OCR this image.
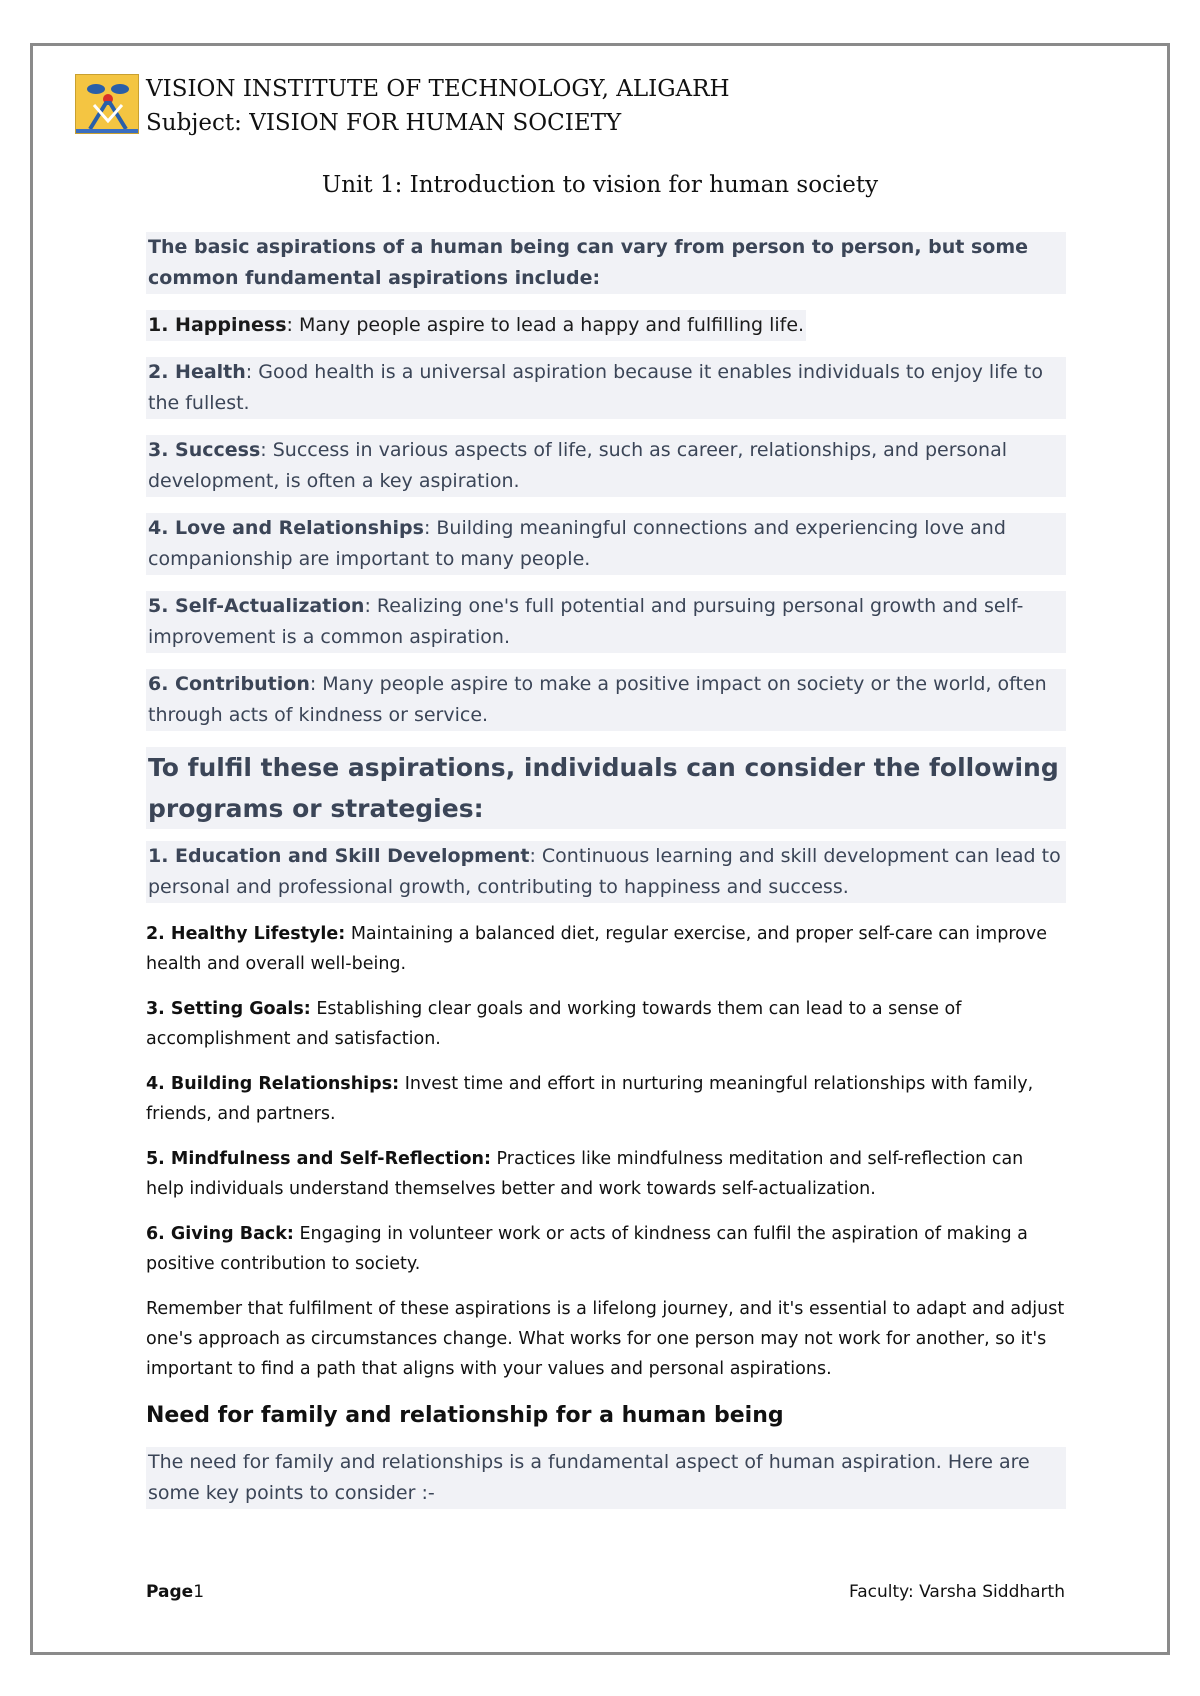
VISION INSTITUTE OF TECHNOLOGY, ALIGARH
Subject: VISION FOR HUMAN SOCIETY
Unit 1: Introduction to vision for human society

The basic aspirations of a human being can vary from person to person, but some common fundamental aspirations include:

1. Happiness: Many people aspire to lead a happy and fulfilling life.

2. Health: Good health is a universal aspiration because it enables individuals to enjoy life to the fullest.

3. Success: Success in various aspects of life, such as career, relationships, and personal development, is often a key aspiration.

4. Love and Relationships: Building meaningful connections and experiencing love and companionship are important to many people.

5. Self-Actualization: Realizing one's full potential and pursuing personal growth and self-improvement is a common aspiration.

6. Contribution: Many people aspire to make a positive impact on society or the world, often through acts of kindness or service.

To fulfil these aspirations, individuals can consider the following programs or strategies:

1. Education and Skill Development: Continuous learning and skill development can lead to personal and professional growth, contributing to happiness and success.

2. Healthy Lifestyle: Maintaining a balanced diet, regular exercise, and proper self-care can improve health and overall well-being.

3. Setting Goals: Establishing clear goals and working towards them can lead to a sense of accomplishment and satisfaction.

4. Building Relationships: Invest time and effort in nurturing meaningful relationships with family, friends, and partners.

5. Mindfulness and Self-Reflection: Practices like mindfulness meditation and self-reflection can help individuals understand themselves better and work towards self-actualization.

6. Giving Back: Engaging in volunteer work or acts of kindness can fulfil the aspiration of making a positive contribution to society.

Remember that fulfilment of these aspirations is a lifelong journey, and it's essential to adapt and adjust one's approach as circumstances change. What works for one person may not work for another, so it's important to find a path that aligns with your values and personal aspirations.

Need for family and relationship for a human being

The need for family and relationships is a fundamental aspect of human aspiration. Here are some key points to consider :-

Page1	Faculty: Varsha Siddharth
